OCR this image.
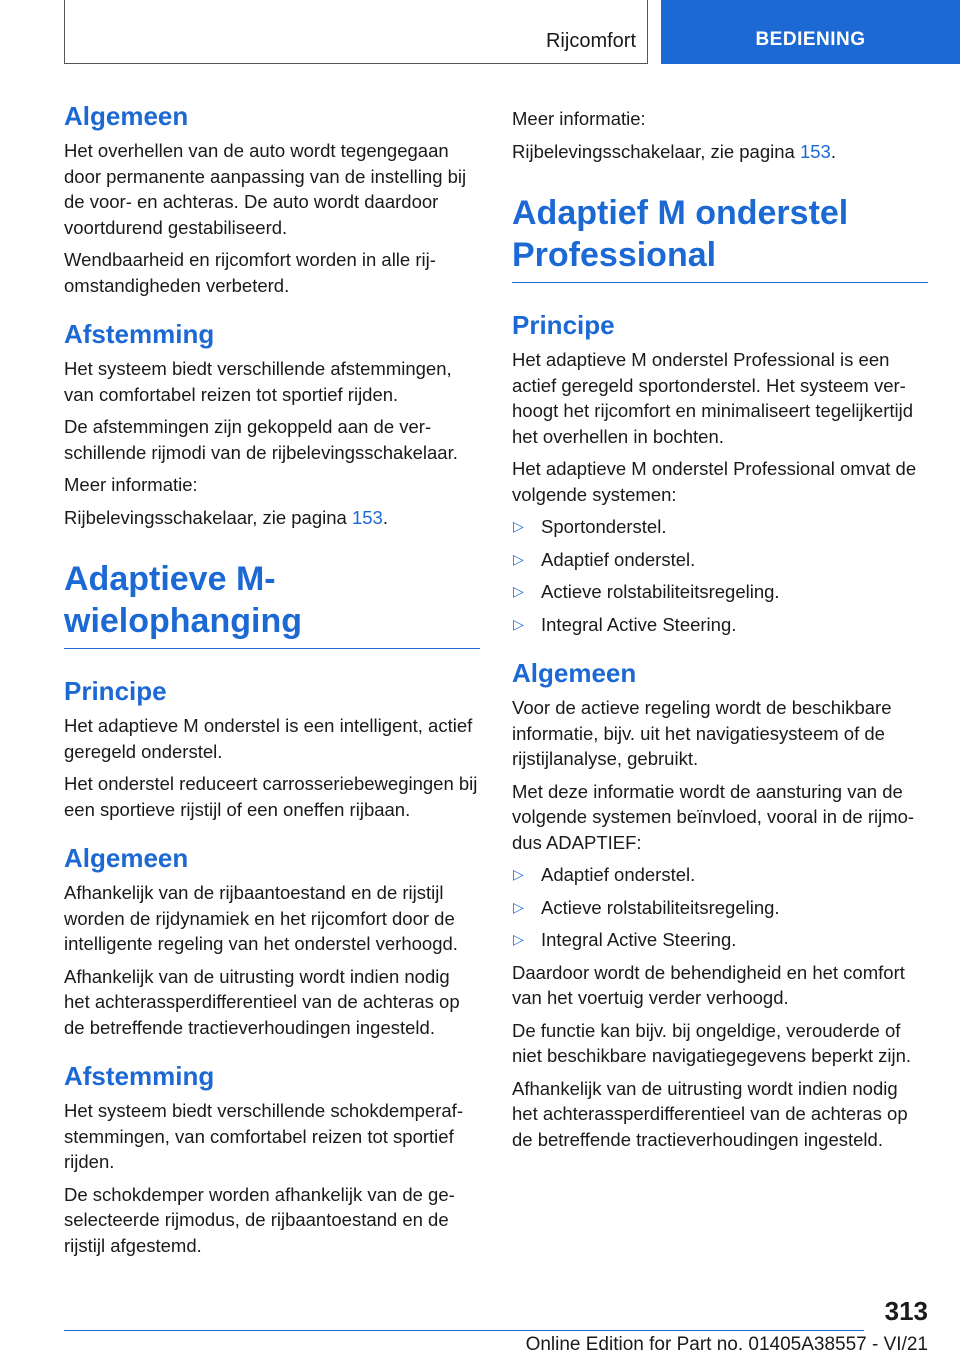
Rijcomfort	BEDIENING
Algemeen

Het overhellen van de auto wordt tegengegaan door permanente aanpassing van de instelling bij de voor- en achteras. De auto wordt daardoor voortdurend gestabiliseerd.

Wendbaarheid en rijcomfort worden in alle rijomstandigheden verbeterd.

Afstemming

Het systeem biedt verschillende afstemmingen, van comfortabel reizen tot sportief rijden.

De afstemmingen zijn gekoppeld aan de verschillende rijmodi van de rijbelevingsschakelaar.

Meer informatie:

Rijbelevingsschakelaar, zie pagina 153.

Adaptieve M-wielophanging
Principe

Het adaptieve M onderstel is een intelligent, actief geregeld onderstel.

Het onderstel reduceert carrosseriebewegingen bij een sportieve rijstijl of een oneffen rijbaan.

Algemeen

Afhankelijk van de rijbaantoestand en de rijstijl worden de rijdynamiek en het rijcomfort door de intelligente regeling van het onderstel verhoogd.

Afhankelijk van de uitrusting wordt indien nodig het achterassperdifferentieel van de achteras op de betreffende tractieverhoudingen ingesteld.

Afstemming

Het systeem biedt verschillende schokdemperafstemmingen, van comfortabel reizen tot sportief rijden.

De schokdemper worden afhankelijk van de geselecteerde rijmodus, de rijbaantoestand en de rijstijl afgestemd.

Meer informatie:

Rijbelevingsschakelaar, zie pagina 153.

Adaptief M onderstel Professional
Principe

Het adaptieve M onderstel Professional is een actief geregeld sportonderstel. Het systeem verhoogt het rijcomfort en minimaliseert tegelijkertijd het overhellen in bochten.

Het adaptieve M onderstel Professional omvat de volgende systemen:

▷ Sportonderstel.
▷ Adaptief onderstel.
▷ Actieve rolstabiliteitsregeling.
▷ Integral Active Steering.
Algemeen

Voor de actieve regeling wordt de beschikbare informatie, bijv. uit het navigatiesysteem of de rijstijlanalyse, gebruikt.

Met deze informatie wordt de aansturing van de volgende systemen beïnvloed, vooral in de rijmodus ADAPTIEF:

▷ Adaptief onderstel.
▷ Actieve rolstabiliteitsregeling.
▷ Integral Active Steering.

Daardoor wordt de behendigheid en het comfort van het voertuig verder verhoogd.

De functie kan bijv. bij ongeldige, verouderde of niet beschikbare navigatiegegevens beperkt zijn.

Afhankelijk van de uitrusting wordt indien nodig het achterassperdifferentieel van de achteras op de betreffende tractieverhoudingen ingesteld.

313
Online Edition for Part no. 01405A38557 - VI/21
